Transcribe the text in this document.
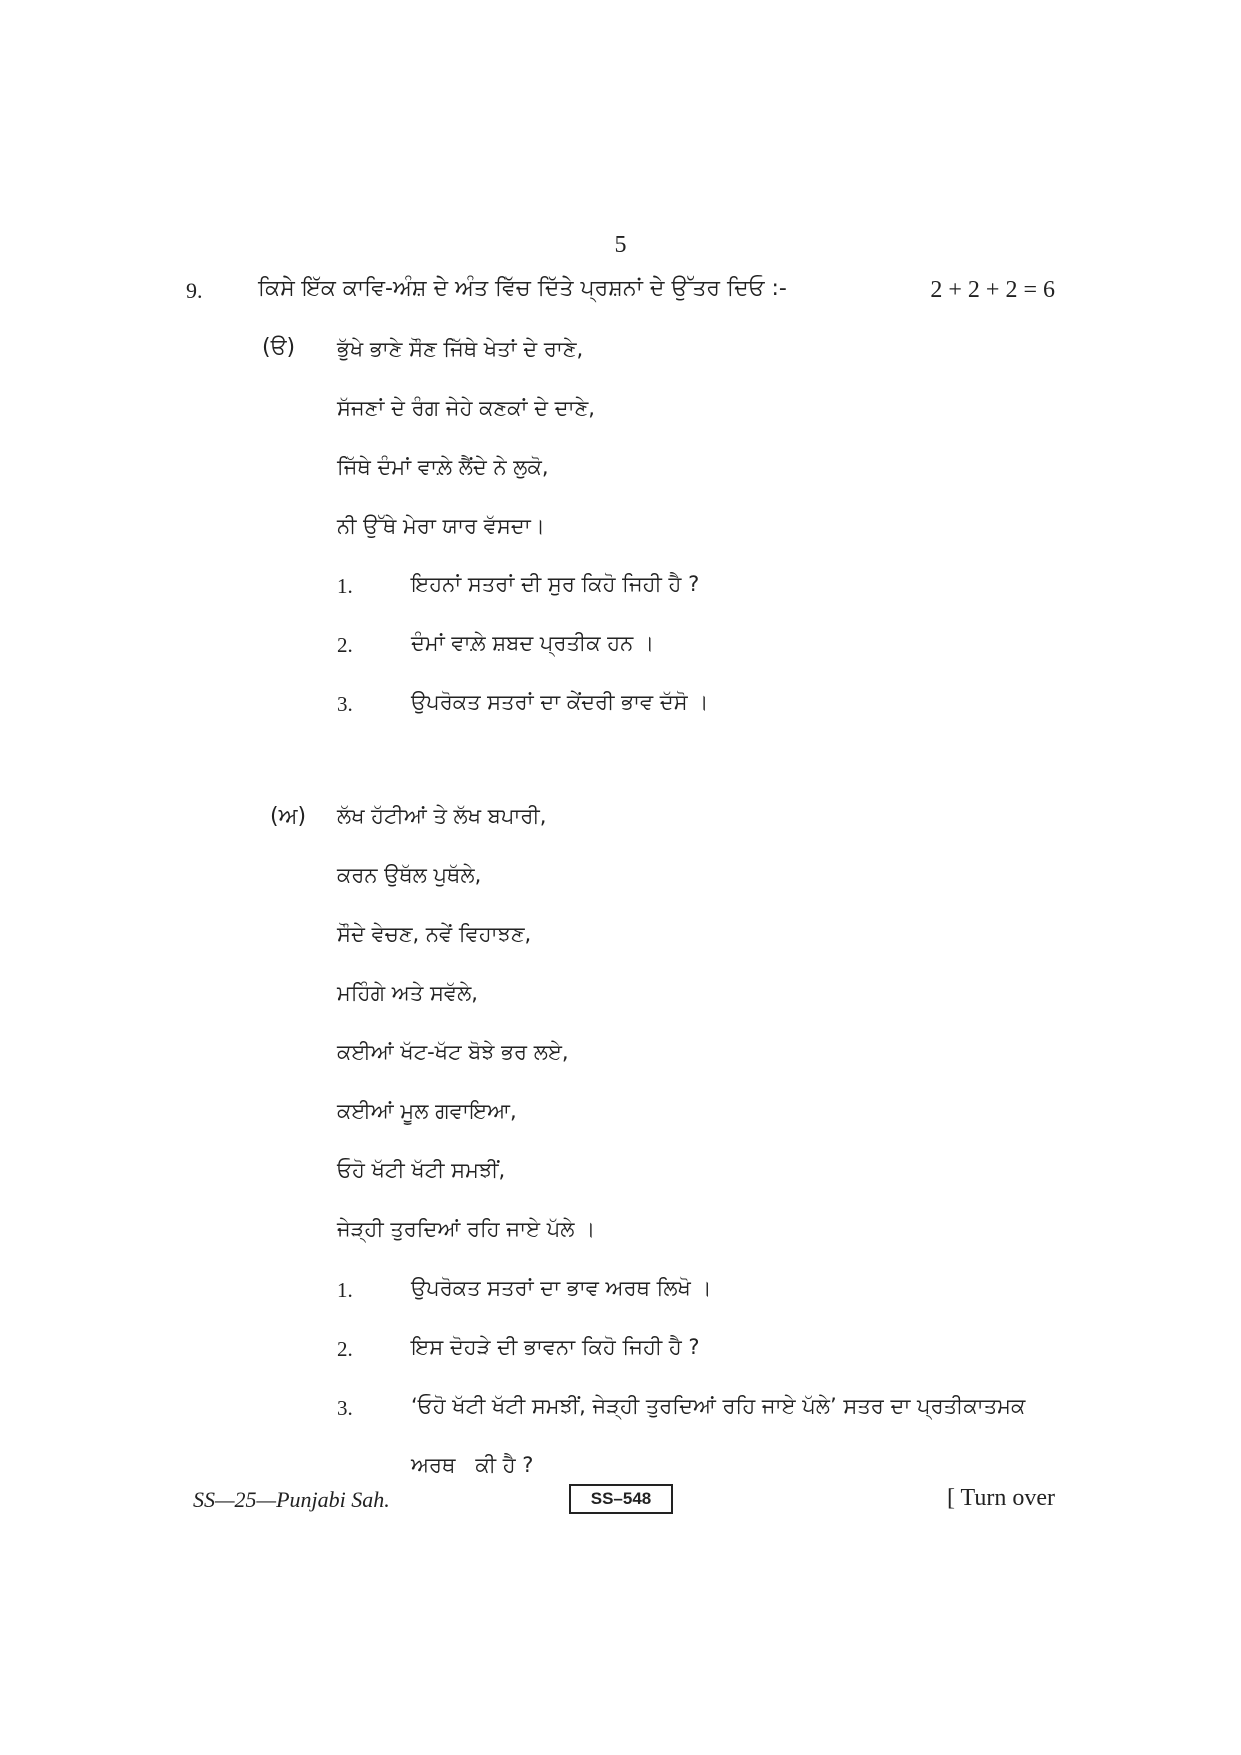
5
9.	ਕਿਸੇ ਇੱਕ ਕਾਵਿ-ਅੰਸ਼ ਦੇ ਅੰਤ ਵਿੱਚ ਦਿੱਤੇ ਪ੍ਰਸ਼ਨਾਂ ਦੇ ਉੱਤਰ ਦਿਓ :-	2 + 2 + 2 = 6
(ੳ) ਭੁੱਖੇ ਭਾਣੇ ਸੌਣ ਜਿੱਥੇ ਖੇਤਾਂ ਦੇ ਰਾਣੇ,
ਸੱਜਣਾਂ ਦੇ ਰੰਗ ਜੇਹੇ ਕਣਕਾਂ ਦੇ ਦਾਣੇ,
ਜਿੱਥੇ ਦੰਮਾਂ ਵਾਲ਼ੇ ਲੈਂਦੇ ਨੇ ਲੁਕੋ,
ਨੀ ਉੱਥੇ ਮੇਰਾ ਯਾਰ ਵੱਸਦਾ।
1.	ਇਹਨਾਂ ਸਤਰਾਂ ਦੀ ਸੁਰ ਕਿਹੋ ਜਿਹੀ ਹੈ ?
2.	ਦੰਮਾਂ ਵਾਲ਼ੇ ਸ਼ਬਦ ਪ੍ਰਤੀਕ ਹਨ ।
3.	ਉਪਰੋਕਤ ਸਤਰਾਂ ਦਾ ਕੇਂਦਰੀ ਭਾਵ ਦੱਸੋ ।
(ਅ) ਲੱਖ ਹੱਟੀਆਂ ਤੇ ਲੱਖ ਬਪਾਰੀ,
ਕਰਨ ਉਥੱਲ ਪੁਥੱਲੇ,
ਸੌਦੇ ਵੇਚਣ, ਨਵੇਂ ਵਿਹਾਝਣ,
ਮਹਿੰਗੇ ਅਤੇ ਸਵੱਲੇ,
ਕਈਆਂ ਖੱਟ-ਖੱਟ ਬੋਝੇ ਭਰ ਲਏ,
ਕਈਆਂ ਮੂਲ ਗਵਾਇਆ,
ਓਹੋ ਖੱਟੀ ਖੱਟੀ ਸਮਝੀਂ,
ਜੇੜ੍ਹੀ ਤੁਰਦਿਆਂ ਰਹਿ ਜਾਏ ਪੱਲੇ ।
1.	ਉਪਰੋਕਤ ਸਤਰਾਂ ਦਾ ਭਾਵ ਅਰਥ ਲਿਖੋ ।
2.	ਇਸ ਦੋਹੜੇ ਦੀ ਭਾਵਨਾ ਕਿਹੋ ਜਿਹੀ ਹੈ ?
3.	‘ਓਹੋ ਖੱਟੀ ਖੱਟੀ ਸਮਝੀਂ, ਜੇੜ੍ਹੀ ਤੁਰਦਿਆਂ ਰਹਿ ਜਾਏ ਪੱਲੇ’ ਸਤਰ ਦਾ ਪ੍ਰਤੀਕਾਤਮਕ
ਅਰਥ   ਕੀ ਹੈ ?
SS—25—Punjabi Sah.	SS–548	[ Turn over
